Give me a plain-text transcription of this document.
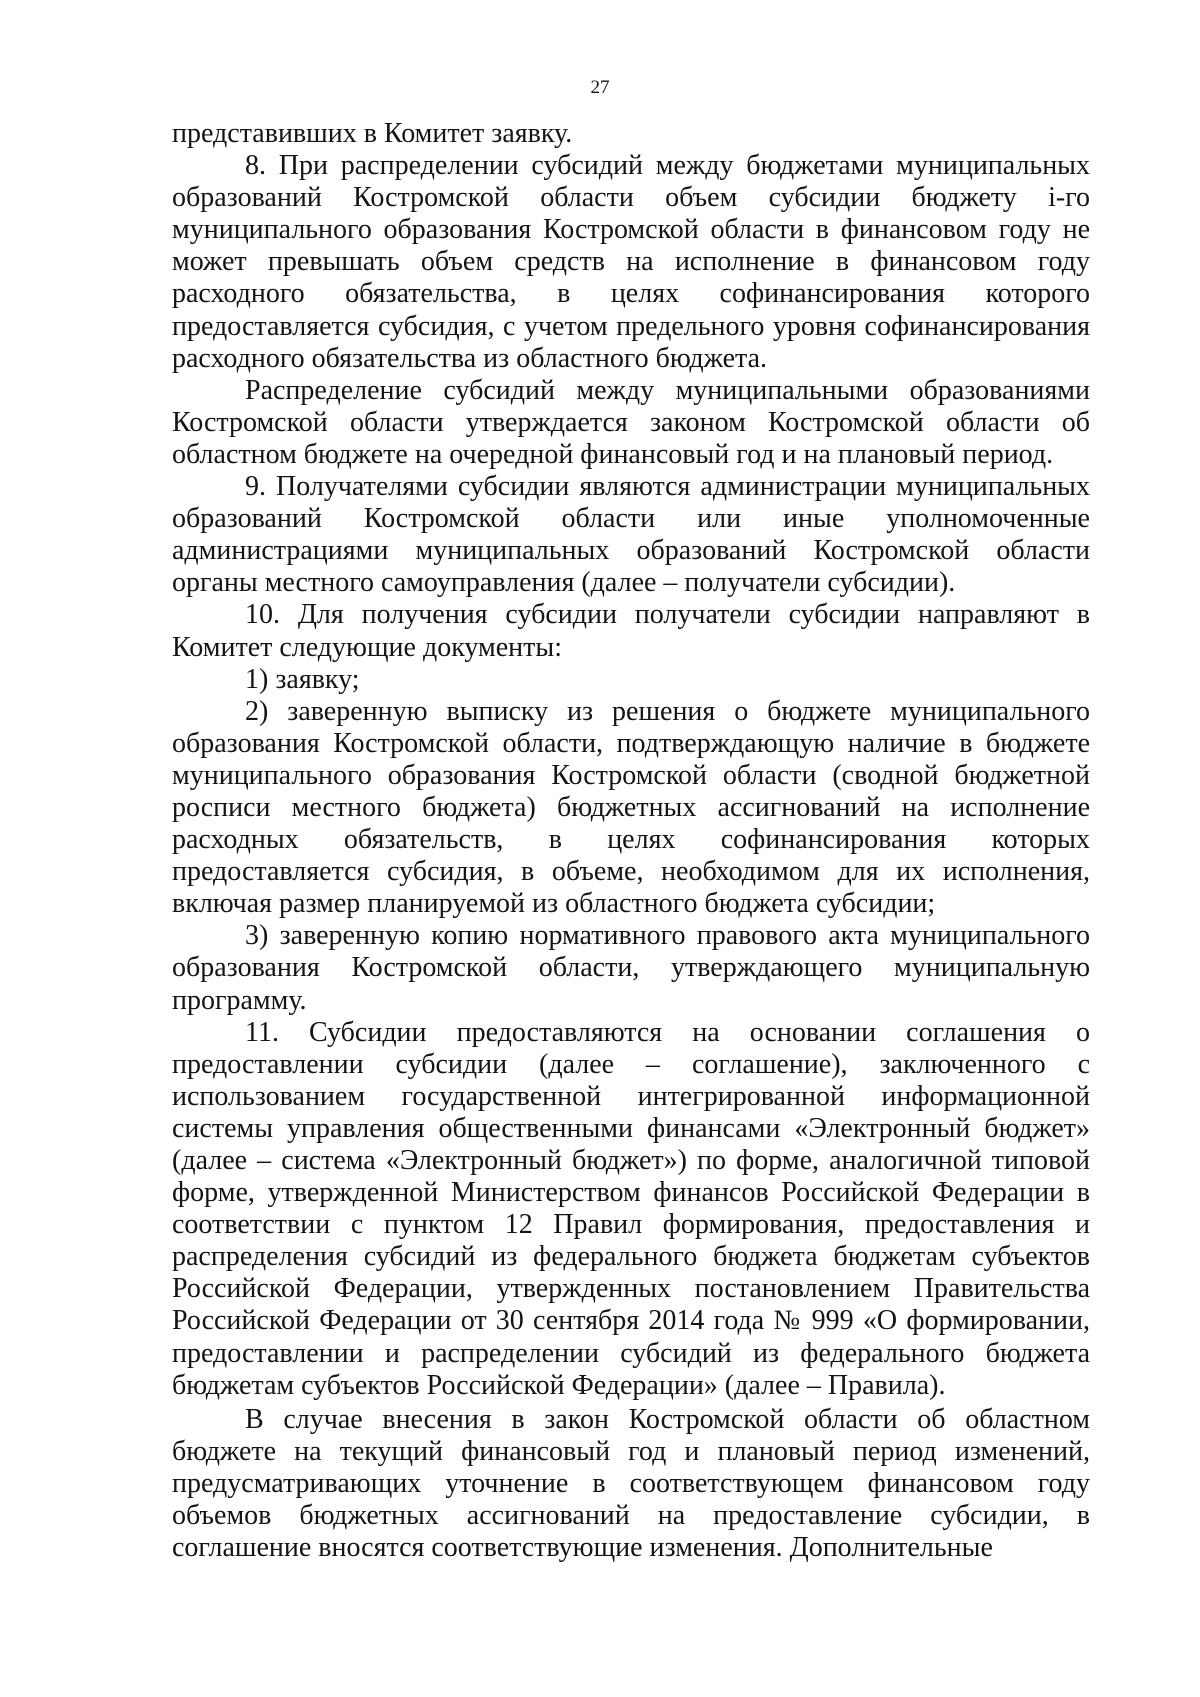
27

представивших в Комитет заявку.

8. При распределении субсидий между бюджетами муниципальных образований Костромской области объем субсидии бюджету i-го муниципального образования Костромской области в финансовом году не может превышать объем средств на исполнение в финансовом году расходного обязательства, в целях софинансирования которого предоставляется субсидия, с учетом предельного уровня софинансирования расходного обязательства из областного бюджета.

Распределение субсидий между муниципальными образованиями Костромской области утверждается законом Костромской области об областном бюджете на очередной финансовый год и на плановый период.

9. Получателями субсидии являются администрации муниципальных образований Костромской области или иные уполномоченные администрациями муниципальных образований Костромской области органы местного самоуправления (далее – получатели субсидии).

10. Для получения субсидии получатели субсидии направляют в Комитет следующие документы:

1) заявку;

2) заверенную выписку из решения о бюджете муниципального образования Костромской области, подтверждающую наличие в бюджете муниципального образования Костромской области (сводной бюджетной росписи местного бюджета) бюджетных ассигнований на исполнение расходных обязательств, в целях софинансирования которых предоставляется субсидия, в объеме, необходимом для их исполнения, включая размер планируемой из областного бюджета субсидии;

3) заверенную копию нормативного правового акта муниципального образования Костромской области, утверждающего муниципальную программу.

11. Субсидии предоставляются на основании соглашения о предоставлении субсидии (далее – соглашение), заключенного с использованием государственной интегрированной информационной системы управления общественными финансами «Электронный бюджет» (далее – система «Электронный бюджет») по форме, аналогичной типовой форме, утвержденной Министерством финансов Российской Федерации в соответствии с пунктом 12 Правил формирования, предоставления и распределения субсидий из федерального бюджета бюджетам субъектов Российской Федерации, утвержденных постановлением Правительства Российской Федерации от 30 сентября 2014 года № 999 «О формировании, предоставлении и распределении субсидий из федерального бюджета бюджетам субъектов Российской Федерации» (далее – Правила).

В случае внесения в закон Костромской области об областном бюджете на текущий финансовый год и плановый период изменений, предусматривающих уточнение в соответствующем финансовом году объемов бюджетных ассигнований на предоставление субсидии, в соглашение вносятся соответствующие изменения. Дополнительные
